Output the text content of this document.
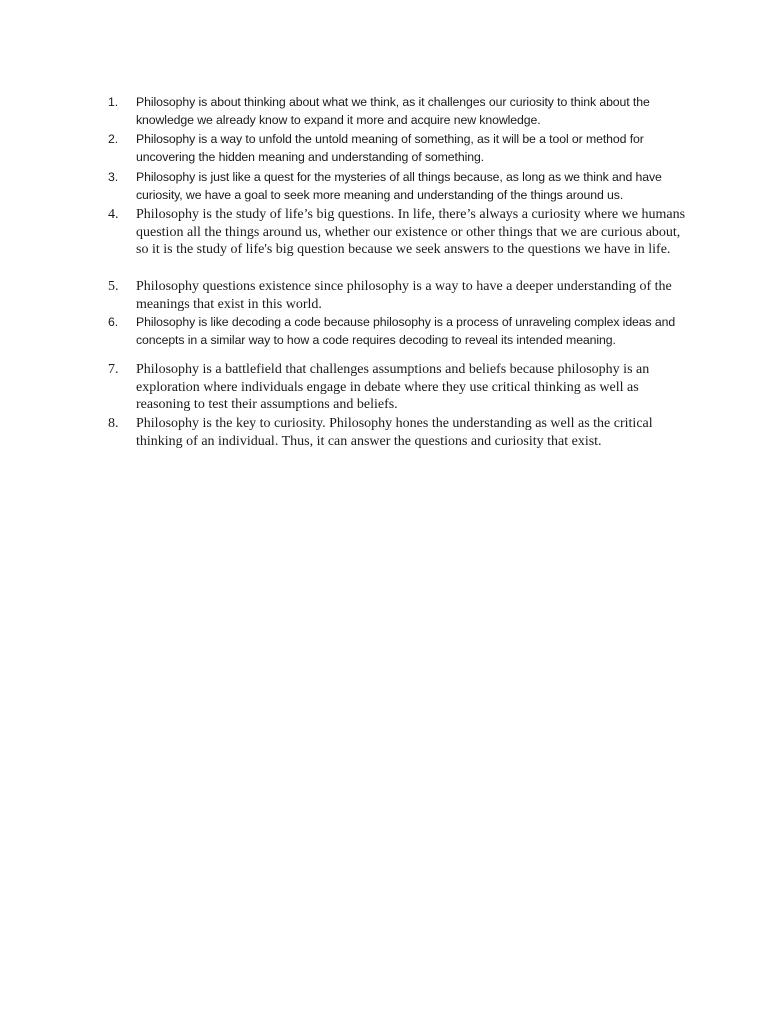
1.	Philosophy is about thinking about what we think, as it challenges our curiosity to think about the knowledge we already know to expand it more and acquire new knowledge.
2.	Philosophy is a way to unfold the untold meaning of something, as it will be a tool or method for uncovering the hidden meaning and understanding of something.
3.	Philosophy is just like a quest for the mysteries of all things because, as long as we think and have curiosity, we have a goal to seek more meaning and understanding of the things around us.
4.	Philosophy is the study of life’s big questions. In life, there’s always a curiosity where we humans question all the things around us, whether our existence or other things that we are curious about, so it is the study of life's big question because we seek answers to the questions we have in life.
5.	Philosophy questions existence since philosophy is a way to have a deeper understanding of the meanings that exist in this world.
6.	Philosophy is like decoding a code because philosophy is a process of unraveling complex ideas and concepts in a similar way to how a code requires decoding to reveal its intended meaning.
7.	Philosophy is a battlefield that challenges assumptions and beliefs because philosophy is an exploration where individuals engage in debate where they use critical thinking as well as reasoning to test their assumptions and beliefs.
8.	Philosophy is the key to curiosity. Philosophy hones the understanding as well as the critical thinking of an individual. Thus, it can answer the questions and curiosity that exist.
